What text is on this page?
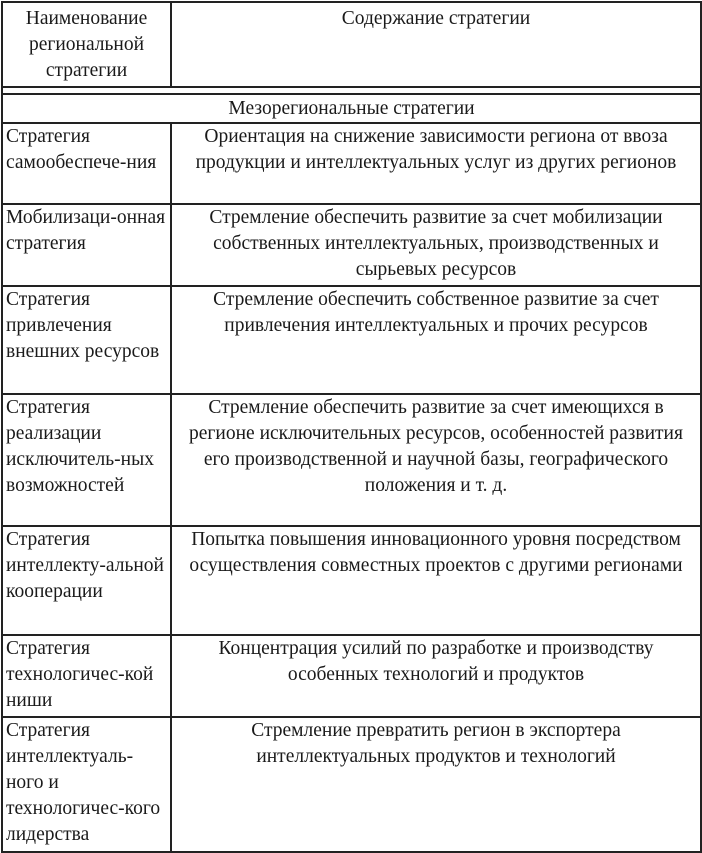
Наименование региональной стратегии	Содержание стратегии

Мезорегиональные стратегии	
Стратегия самообеспече-ния	Ориентация на снижение зависимости региона от ввоза продукции и интеллектуальных услуг из других регионов
Мобилизаци-онная стратегия	Стремление обеспечить развитие за счет мобилизации собственных интеллектуальных, производственных и сырьевых ресурсов
Стратегия привлечения внешних ресурсов	Стремление обеспечить собственное развитие за счет привлечения интеллектуальных и прочих ресурсов
Стратегия реализации исключитель-ных возможностей	Стремление обеспечить развитие за счет имеющихся в регионе исключительных ресурсов, особенностей развития его производственной и научной базы, географического положения и т. д.
Стратегия интеллекту-альной кооперации	Попытка повышения инновационного уровня посредством осуществления совместных проектов с другими регионами
Стратегия технологичес-кой ниши	Концентрация усилий по разработке и производству особенных технологий и продуктов
Стратегия интеллектуаль-ного и технологичес-кого лидерства	Стремление превратить регион в экспортера интеллектуальных продуктов и технологий
